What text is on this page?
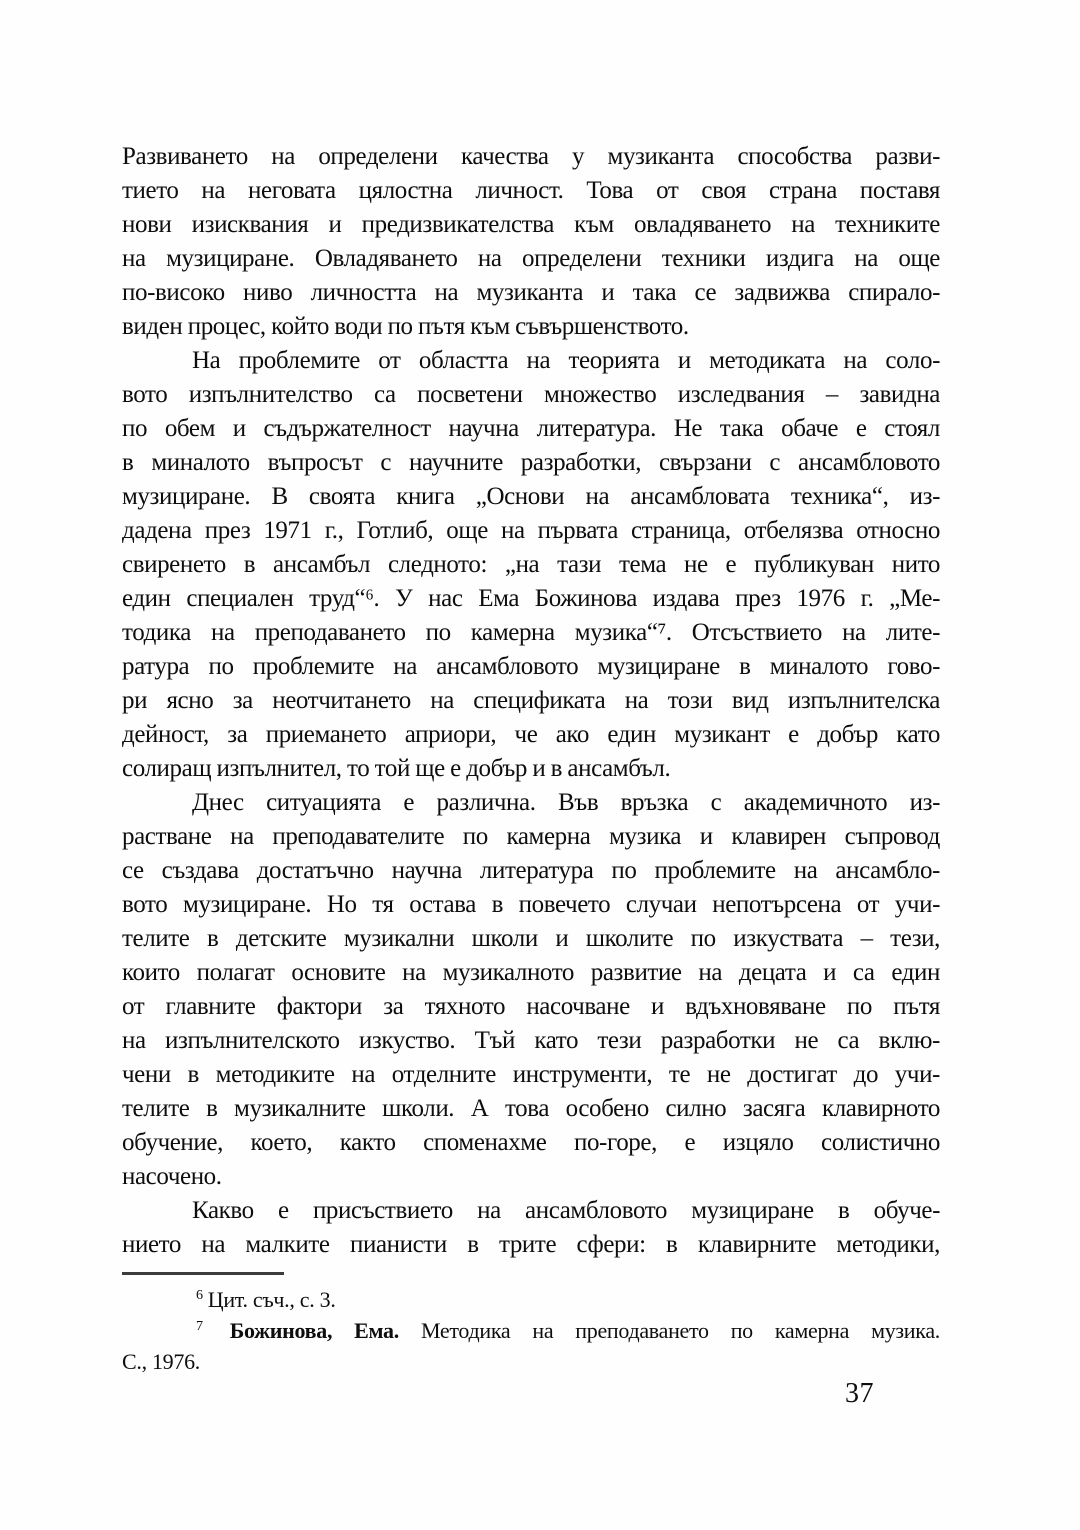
Развиването на определени качества у музиканта способства разви-
тието на неговата цялостна личност. Това от своя страна поставя
нови изисквания и предизвикателства към овладяването на техниките
на музициране. Овладяването на определени техники издига на още
по-високо ниво личността на музиканта и така се задвижва спирало-
виден процес, който води по пътя към съвършенството.
На проблемите от областта на теорията и методиката на соло-
вото изпълнителство са посветени множество изследвания – завидна
по обем и съдържателност научна литература. Не така обаче е стоял
в миналото въпросът с научните разработки, свързани с ансамбловото
музициране. В своята книга „Основи на ансамбловата техника“, из-
дадена през 1971 г., Готлиб, още на първата страница, отбелязва относно
свиренето в ансамбъл следното: „на тази тема не е публикуван нито
един специален труд“⁶. У нас Ема Божинова издава през 1976 г. „Ме-
тодика на преподаването по камерна музика“⁷. Отсъствието на лите-
ратура по проблемите на ансамбловото музициране в миналото гово-
ри ясно за неотчитането на спецификата на този вид изпълнителска
дейност, за приемането априори, че ако един музикант е добър като
солиращ изпълнител, то той ще е добър и в ансамбъл.
Днес ситуацията е различна. Във връзка с академичното из-
растване на преподавателите по камерна музика и клавирен съпровод
се създава достатъчно научна литература по проблемите на ансамбло-
вото музициране. Но тя остава в повечето случаи непотърсена от учи-
телите в детските музикални школи и школите по изкуствата – тези,
които полагат основите на музикалното развитие на децата и са един
от главните фактори за тяхното насочване и вдъхновяване по пътя
на изпълнителското изкуство. Тъй като тези разработки не са вклю-
чени в методиките на отделните инструменти, те не достигат до учи-
телите в музикалните школи. А това особено силно засяга клавирното
обучение, което, както споменахме по-горе, е изцяло солистично
насочено.
Какво е присъствието на ансамбловото музициране в обуче-
нието на малките пианисти в трите сфери: в клавирните методики,
$^6$ Цит. съч., с. 3.
$^7$ Божинова, Ема. Методика на преподаването по камерна музика.
С., 1976.
37
